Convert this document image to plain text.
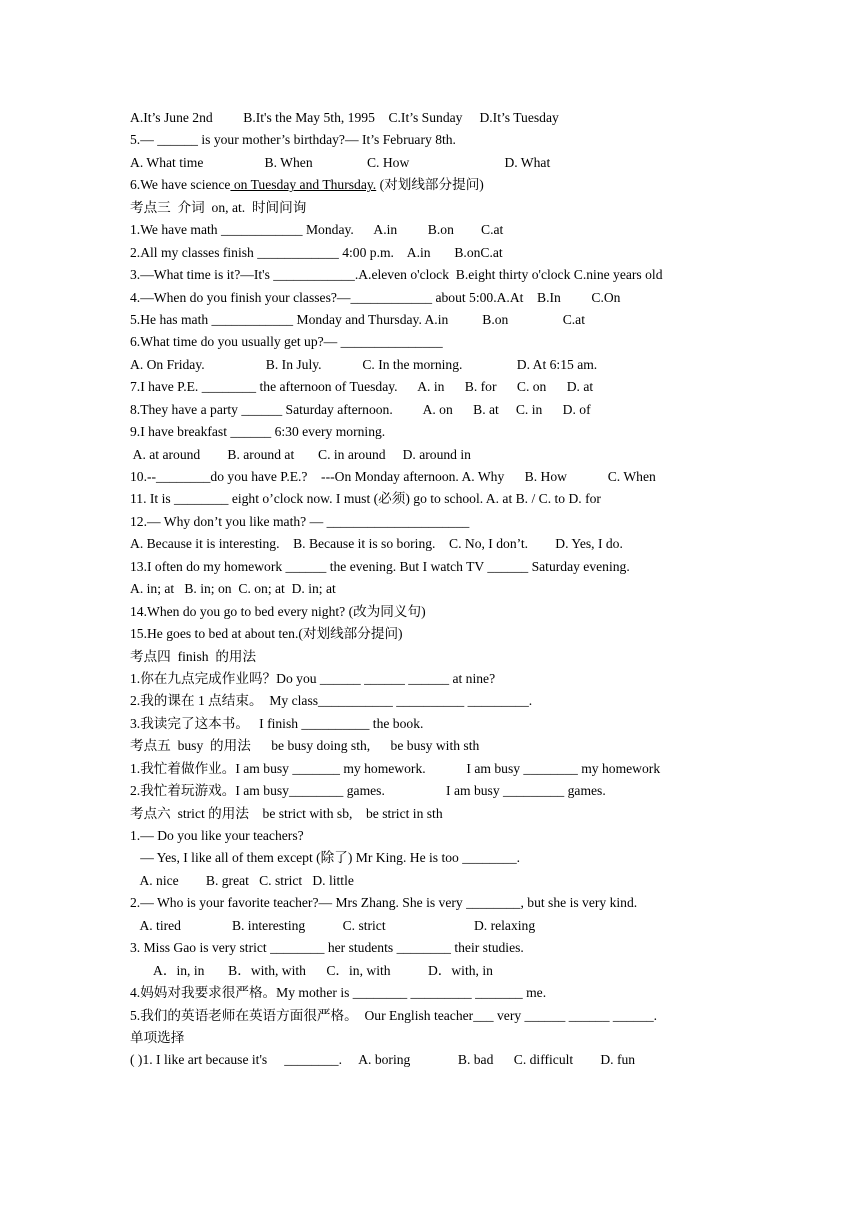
A.It’s June 2nd         B.It's the May 5th, 1995    C.It’s Sunday     D.It’s Tuesday
5.— ______ is your mother’s birthday?— It’s February 8th.
A. What time                  B. When                C. How                            D. What
6.We have science on Tuesday and Thursday. (对划线部分提问)
考点三  介词  on, at.  时间问询
1.We have math ____________ Monday.      A.in         B.on        C.at
2.All my classes finish ____________ 4:00 p.m.    A.in       B.onC.at
3.—What time is it?—It's ____________.A.eleven o'clock  B.eight thirty o'clock C.nine years old
4.—When do you finish your classes?—____________ about 5:00.A.At    B.In         C.On
5.He has math ____________ Monday and Thursday. A.in          B.on                C.at
6.What time do you usually get up?— _______________
A. On Friday.                  B. In July.            C. In the morning.                D. At 6:15 am.
7.I have P.E. ________ the afternoon of Tuesday.      A. in      B. for      C. on      D. at
8.They have a party ______ Saturday afternoon.         A. on      B. at     C. in      D. of
9.I have breakfast ______ 6:30 every morning.
A. at around        B. around at       C. in around     D. around in
10.--________do you have P.E.?    ---On Monday afternoon. A. Why      B. How            C. When
11. It is ________ eight o’clock now. I must (必须) go to school. A. at B. / C. to D. for
12.— Why don’t you like math? — _____________________
A. Because it is interesting.    B. Because it is so boring.    C. No, I don’t.        D. Yes, I do.
13.I often do my homework ______ the evening. But I watch TV ______ Saturday evening.
A. in; at   B. in; on  C. on; at  D. in; at
14.When do you go to bed every night? (改为同义句)
15.He goes to bed at about ten.(对划线部分提问)
考点四  finish  的用法
1.你在九点完成作业吗？Do you ______ ______ ______ at nine?
2.我的课在 1 点结束。  My class___________ __________ _________.
3.我读完了这本书。   I finish __________ the book.
考点五  busy  的用法      be busy doing sth,      be busy with sth
1.我忙着做作业。I am busy _______ my homework.            I am busy ________ my homework
2.我忙着玩游戏。I am busy________ games.                  I am busy _________ games.
考点六  strict 的用法    be strict with sb,    be strict in sth
1.— Do you like your teachers?
— Yes, I like all of them except (除了) Mr King. He is too ________.
A. nice        B. great   C. strict   D. little
2.— Who is your favorite teacher?— Mrs Zhang. She is very ________, but she is very kind.
A. tired               B. interesting           C. strict                          D. relaxing
3. Miss Gao is very strict ________ her students ________ their studies.
A．in, in       B．with, with      C．in, with           D．with, in
4.妈妈对我要求很严格。My mother is ________ _________ _______ me.
5.我们的英语老师在英语方面很严格。  Our English teacher___ very ______ ______ ______.
单项选择
( )1. I like art because it's     ________.     A. boring              B. bad      C. difficult        D. fun
